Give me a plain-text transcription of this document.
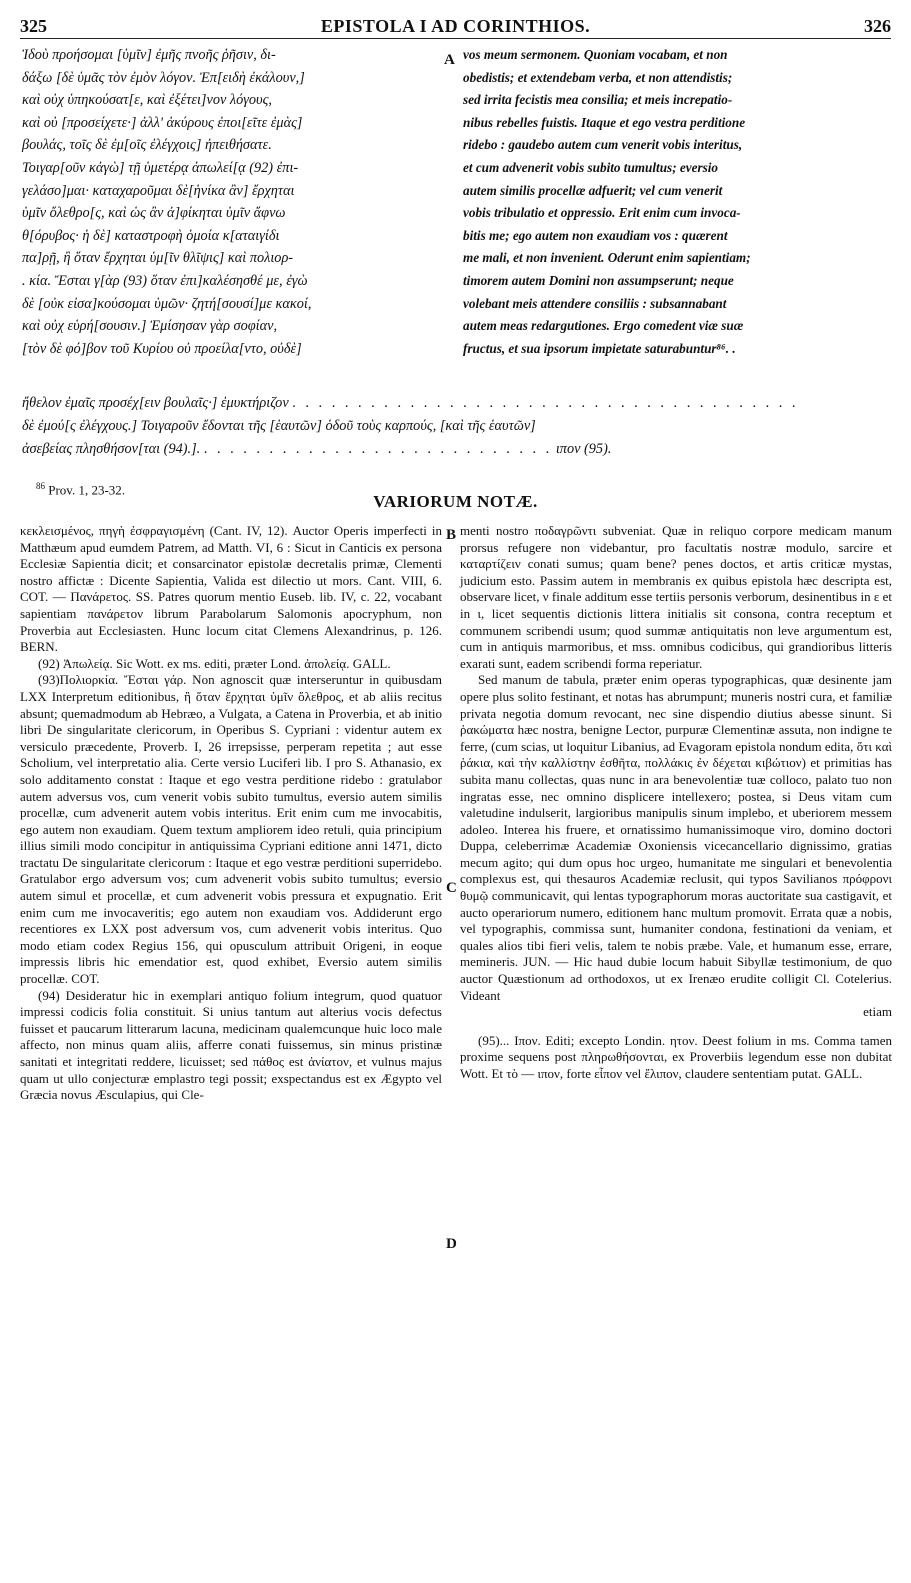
325	EPISTOLA I AD CORINTHIOS.	326
Ἰδοὺ προήσομαι [ὑμῖν] ἐμῆς πνοῆς ῥῆσιν, δι-
δάξω [δὲ ὑμᾶς τὸν ἐμὸν λόγον. Ἐπ[ειδὴ ἐκάλουν,]
καὶ οὐχ ὑπηκούσατ[ε, καὶ ἐξέτει]νον λόγους,
καὶ οὐ [προσείχετε·] ἀλλ' ἀκύρους ἐποι[εῖτε ἐμὰς]
βουλάς, τοῖς δὲ ἐμ[οῖς ἐλέγχοις] ἠπειθήσατε.
Τοιγαρ[οῦν κἀγὼ] τῇ ὑμετέρᾳ ἀπωλεί[ᾳ (92) ἐπι-
γελάσο]μαι· καταχαροῦμαι δὲ[ἡνίκα ἂν] ἔρχηται
ὑμῖν ὄλεθρο[ς, καὶ ὡς ἂν ἀ]φίκηται ὑμῖν ἄφνω
θ[όρυβος· ἡ δὲ] καταστροφὴ ὁμοία κ[αταιγίδι
πα]ρῇ, ἢ ὅταν ἔρχηται ὑμ[ῖν θλῖψις] καὶ πολιορ-
. κία. Ἔσται γ[ὰρ (93) ὅταν ἐπι]καλέσησθέ με, ἐγὼ
δὲ [οὐκ εἰσα]κούσομαι ὑμῶν· ζητή[σουσί]με κακοί,
καὶ οὐχ εὑρή[σουσιν.] Ἐμίσησαν γὰρ σοφίαν,
[τὸν δὲ φό]βον τοῦ Κυρίου οὐ προείλα[ντο, οὐδὲ]
A vos meum sermonem. Quoniam vocabam, et non
obedistis; et extendebam verba, et non attendistis;
sed irrita fecistis mea consilia; et meis increpatio-
nibus rebelles fuistis. Itaque et ego vestra perditione
ridebo : gaudebo autem cum venerit vobis interitus,
et cum advenerit vobis subito tumultus; eversio
autem similis procellæ adfuerit; vel cum venerit
vobis tribulatio et oppressio. Erit enim cum invoca-
bitis me; ego autem non exaudiam vos : quærent
me mali, et non invenient. Oderunt enim sapientiam;
timorem autem Domini non assumpserunt; neque
volebant meis attendere consiliis : subsannabant
autem meas redargutiones. Ergo comedent viæ suæ
fructus, et sua ipsorum impietate saturabuntur⁸⁶. .
ἤθελον ἐμαῖς προσέχ[ειν βουλαῖς·] ἐμυκτήριζον . . . . . . . . . . . . . . . . . . . . . . . . . . . . . . . . . . . . . . .
δὲ ἐμού[ς ἐλέγχους.] Τοιγαροῦν ἔδονται τῆς [ἑαυτῶν] ὁδοῦ τοὺς καρπούς, [καὶ τῆς ἑαυτῶν]
ἀσεβείας πλησθήσον[ται (94).]. . . . . . . . . . . . . . . . . . . . . . . . . . . . ιπον (95).
$^{86}$ Prov. 1, 23-32.
VARIORUM NOTÆ.

κεκλεισμένος, πηγὴ ἐσφραγισμένη (Cant. IV, 12). Auctor Operis imperfecti in Matthæum apud eumdem Patrem, ad Matth. VI, 6 : Sicut in Canticis ex persona Ecclesiæ Sapientia dicit; et consarcinator epistolæ decretalis primæ, Clementi nostro affictæ : Dicente Sapientia, Valida est dilectio ut mors. Cant. VIII, 6. COT. — Πανάρετος. SS. Patres quorum mentio Euseb. lib. IV, c. 22, vocabant sapientiam πανάρετον librum Parabolarum Salomonis apocryphum, non Proverbia aut Ecclesiasten. Hunc locum citat Clemens Alexandrinus, p. 126. BERN.

(92) Ἀπωλείᾳ. Sic Wott. ex ms. editi, præter Lond. ἀπολείᾳ. GALL.

(93)Πολιορκία. Ἔσται γάρ. Non agnoscit quæ interseruntur in quibusdam LXX Interpretum editionibus, ἢ ὅταν ἔρχηται ὑμῖν ὄλεθρος, et ab aliis recitus absunt; quemadmodum ab Hebræo, a Vulgata, a Catena in Proverbia, et ab initio libri De singularitate clericorum, in Operibus S. Cypriani : videntur autem ex versiculo præcedente, Proverb. I, 26 irrepsisse, perperam repetita ; aut esse Scholium, vel interpretatio alia. Certe versio Luciferi lib. I pro S. Athanasio, ex solo additamento constat : Itaque et ego vestra perditione ridebo : gratulabor autem adversus vos, cum venerit vobis subito tumultus, eversio autem similis procellæ, cum advenerit autem vobis interitus. Erit enim cum me invocabitis, ego autem non exaudiam. Quem textum ampliorem ideo retuli, quia principium illius simili modo concipitur in antiquissima Cypriani editione anni 1471, dicto tractatu De singularitate clericorum : Itaque et ego vestræ perditioni superridebo. Gratulabor ergo adversum vos; cum advenerit vobis subito tumultus; eversio autem simul et procellæ, et cum advenerit vobis pressura et expugnatio. Erit enim cum me invocaveritis; ego autem non exaudiam vos. Addiderunt ergo recentiores ex LXX post adversum vos, cum advenerit vobis interitus. Quo modo etiam codex Regius 156, qui opusculum attribuit Origeni, in eoque impressis libris hic emendatior est, quod exhibet, Eversio autem similis procellæ. COT.

(94) Desideratur hic in exemplari antiquo folium integrum, quod quatuor impressi codicis folia constituit. Si unius tantum aut alterius vocis defectus fuisset et paucarum litterarum lacuna, medicinam qualemcunque huic loco male affecto, non minus quam aliis, afferre conati fuissemus, sin minus pristinæ sanitati et integritati reddere, licuisset; sed πάθος est ἀνίατον, et vulnus majus quam ut ullo conjecturæ emplastro tegi possit; exspectandus est ex Ægypto vel Græcia novus Æsculapius, qui Cle-

B
C
D

menti nostro ποδαγρῶντι subveniat. Quæ in reliquo corpore medicam manum prorsus refugere non videbantur, pro facultatis nostræ modulo, sarcire et καταρτίζειν conati sumus; quam bene? penes doctos, et artis criticæ mystas, judicium esto. Passim autem in membranis ex quibus epistola hæc descripta est, observare licet, ν finale additum esse tertiis personis verborum, desinentibus in ε et in ι, licet sequentis dictionis littera initialis sit consona, contra receptum et communem scribendi usum; quod summæ antiquitatis non leve argumentum est, cum in antiquis marmoribus, et mss. omnibus codicibus, qui grandioribus litteris exarati sunt, eadem scribendi forma reperiatur.

Sed manum de tabula, præter enim operas typographicas, quæ desinente jam opere plus solito festinant, et notas has abrumpunt; muneris nostri cura, et familiæ privata negotia domum revocant, nec sine dispendio diutius abesse sinunt. Si ῥακώματα hæc nostra, benigne Lector, purpuræ Clementinæ assuta, non indigne te ferre, (cum scias, ut loquitur Libanius, ad Evagoram epistola nondum edita, ὅτι καὶ ῥάκια, καὶ τὴν καλλίστην ἐσθῆτα, πολλάκις ἐν δέχεται κιβώτιον) et primitias has subita manu collectas, quas nunc in ara benevolentiæ tuæ colloco, palato tuo non ingratas esse, nec omnino displicere intellexero; postea, si Deus vitam cum valetudine indulserit, largioribus manipulis sinum implebo, et uberiorem messem adoleo. Interea his fruere, et ornatissimo humanissimoque viro, domino doctori Duppa, celeberrimæ Academiæ Oxoniensis vicecancellario dignissimo, gratias mecum agito; qui dum opus hoc urgeo, humanitate me singulari et benevolentia complexus est, qui thesauros Academiæ reclusit, qui typos Savilianos πρόφρονι θυμῷ communicavit, qui lentas typographorum moras auctoritate sua castigavit, et aucto operariorum numero, editionem hanc multum promovit. Errata quæ a nobis, vel typographis, commissa sunt, humaniter condona, festinationi da veniam, et quales alios tibi fieri velis, talem te nobis præbe. Vale, et humanum esse, errare, memineris. JUN. — Hic haud dubie locum habuit Sibyllæ testimonium, de quo auctor Quæstionum ad orthodoxos, ut ex Irenæo erudite colligit Cl. Cotelerius. Videant

etiam

(95)... Ιπον. Editi; excepto Londin. ητον. Deest folium in ms. Comma tamen proxime sequens post πληρωθήσονται, ex Proverbiis legendum esse non dubitat Wott. Et τὸ — ιπον, forte εἶπον vel ἔλιπον, claudere sententiam putat. GALL.
